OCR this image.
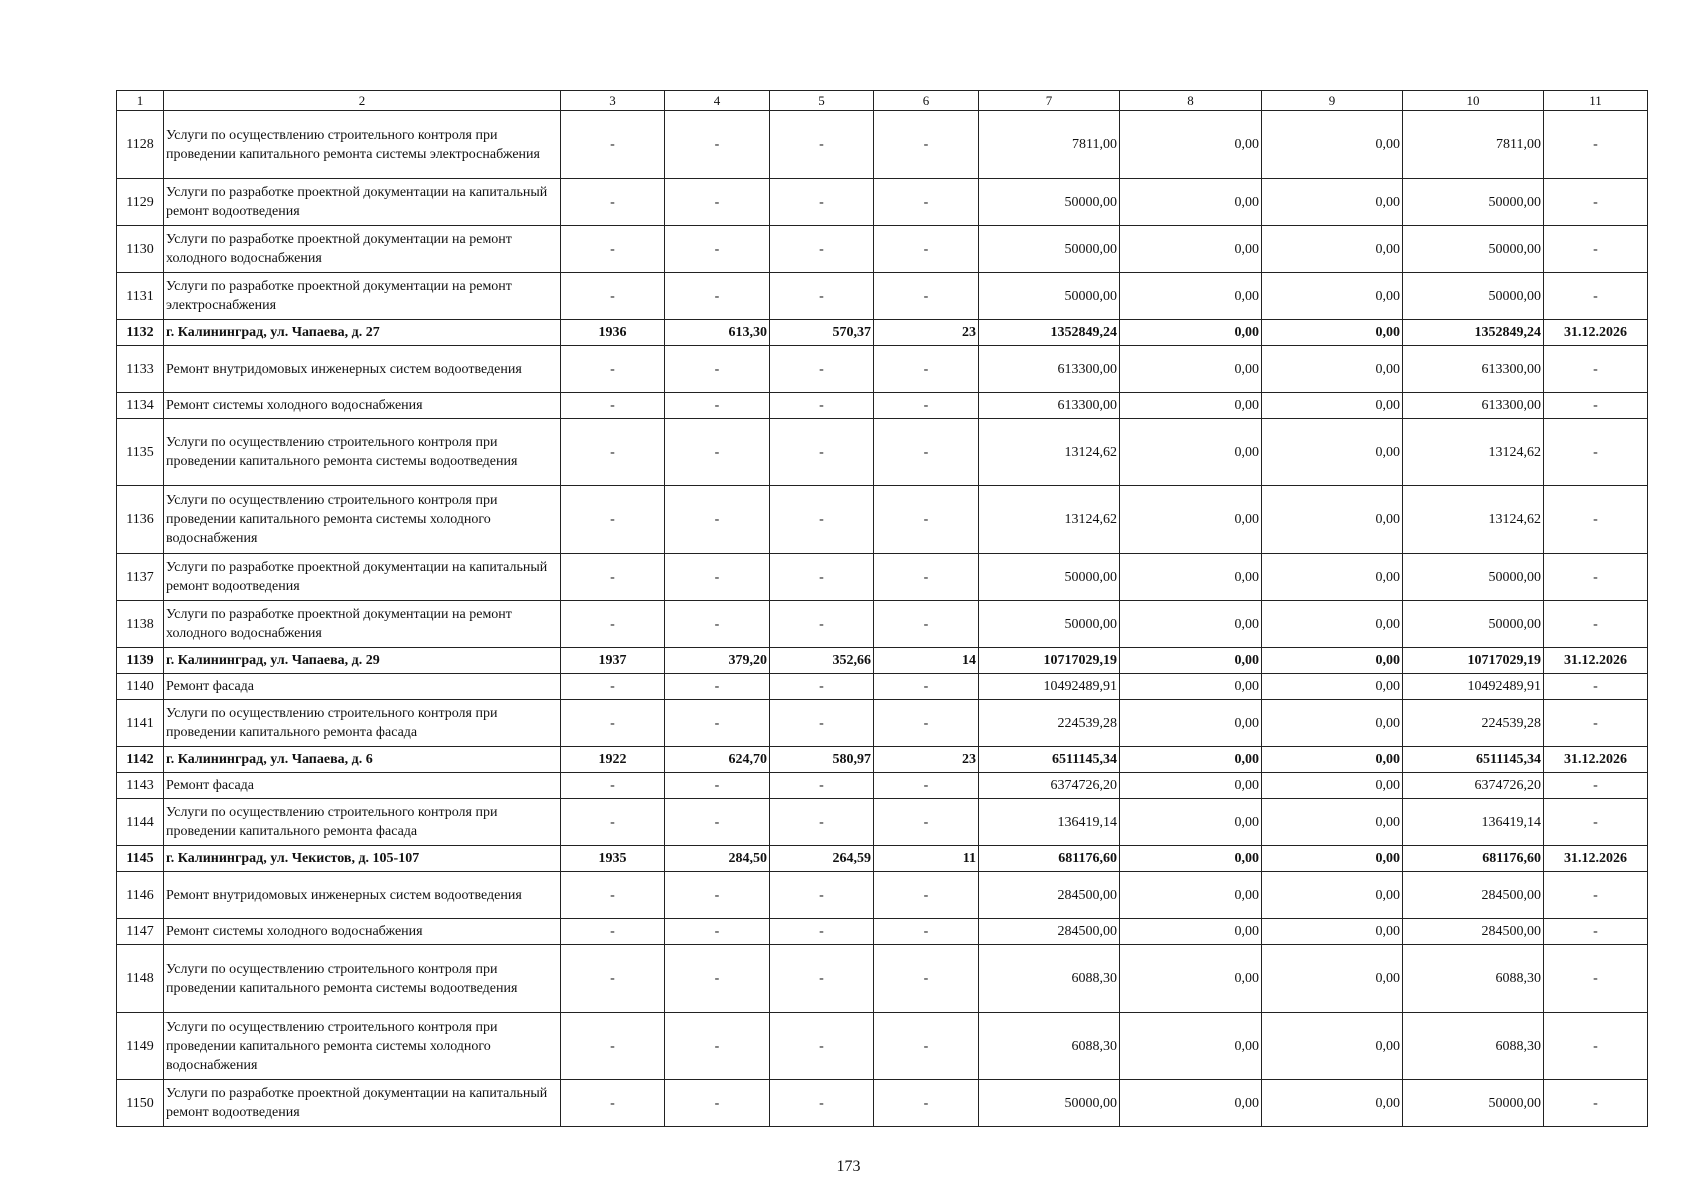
1	2	3	4	5	6	7	8	9	10	11
1128	Услуги по осуществлению строительного контроля при проведении капитального ремонта системы электроснабжения	-	-	-	-	7811,00	0,00	0,00	7811,00	-
1129	Услуги по разработке проектной документации на капитальный ремонт водоотведения	-	-	-	-	50000,00	0,00	0,00	50000,00	-
1130	Услуги по разработке проектной документации на ремонт холодного водоснабжения	-	-	-	-	50000,00	0,00	0,00	50000,00	-
1131	Услуги по разработке проектной документации на ремонт электроснабжения	-	-	-	-	50000,00	0,00	0,00	50000,00	-
1132	г. Калининград, ул. Чапаева, д. 27	1936	613,30	570,37	23	1352849,24	0,00	0,00	1352849,24	31.12.2026
1133	Ремонт внутридомовых инженерных систем водоотведения	-	-	-	-	613300,00	0,00	0,00	613300,00	-
1134	Ремонт системы холодного водоснабжения	-	-	-	-	613300,00	0,00	0,00	613300,00	-
1135	Услуги по осуществлению строительного контроля при проведении капитального ремонта системы водоотведения	-	-	-	-	13124,62	0,00	0,00	13124,62	-
1136	Услуги по осуществлению строительного контроля при проведении капитального ремонта системы холодного водоснабжения	-	-	-	-	13124,62	0,00	0,00	13124,62	-
1137	Услуги по разработке проектной документации на капитальный ремонт водоотведения	-	-	-	-	50000,00	0,00	0,00	50000,00	-
1138	Услуги по разработке проектной документации на ремонт холодного водоснабжения	-	-	-	-	50000,00	0,00	0,00	50000,00	-
1139	г. Калининград, ул. Чапаева, д. 29	1937	379,20	352,66	14	10717029,19	0,00	0,00	10717029,19	31.12.2026
1140	Ремонт фасада	-	-	-	-	10492489,91	0,00	0,00	10492489,91	-
1141	Услуги по осуществлению строительного контроля при проведении капитального ремонта фасада	-	-	-	-	224539,28	0,00	0,00	224539,28	-
1142	г. Калининград, ул. Чапаева, д. 6	1922	624,70	580,97	23	6511145,34	0,00	0,00	6511145,34	31.12.2026
1143	Ремонт фасада	-	-	-	-	6374726,20	0,00	0,00	6374726,20	-
1144	Услуги по осуществлению строительного контроля при проведении капитального ремонта фасада	-	-	-	-	136419,14	0,00	0,00	136419,14	-
1145	г. Калининград, ул. Чекистов, д. 105-107	1935	284,50	264,59	11	681176,60	0,00	0,00	681176,60	31.12.2026
1146	Ремонт внутридомовых инженерных систем водоотведения	-	-	-	-	284500,00	0,00	0,00	284500,00	-
1147	Ремонт системы холодного водоснабжения	-	-	-	-	284500,00	0,00	0,00	284500,00	-
1148	Услуги по осуществлению строительного контроля при проведении капитального ремонта системы водоотведения	-	-	-	-	6088,30	0,00	0,00	6088,30	-
1149	Услуги по осуществлению строительного контроля при проведении капитального ремонта системы холодного водоснабжения	-	-	-	-	6088,30	0,00	0,00	6088,30	-
1150	Услуги по разработке проектной документации на капитальный ремонт водоотведения	-	-	-	-	50000,00	0,00	0,00	50000,00	-
173
